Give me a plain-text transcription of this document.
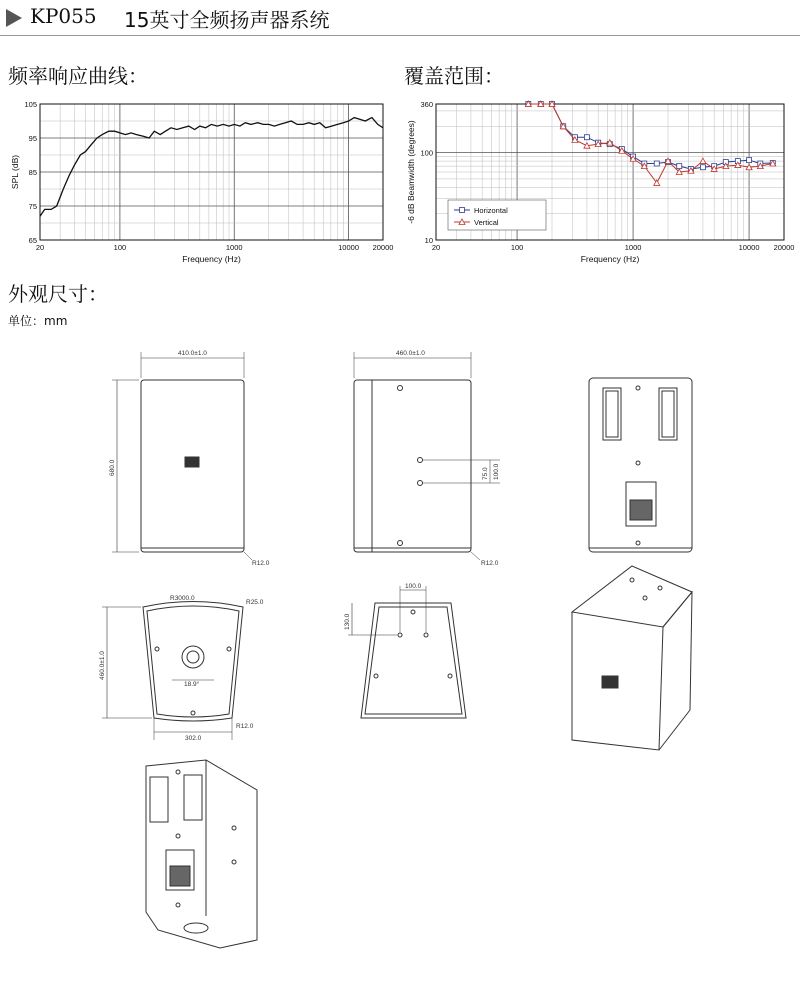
KP055 15英寸全频扬声器系统
频率响应曲线：	覆盖范围：
外观尺寸：
单位：mm
20	100	1000	10000 20000
65
75
85
95
105
Frequency (Hz)
SPL (dB)
20	100	1000	10000 20000
10
100
360
Frequency (Hz)
-6 dB Beamwidth (degrees)	Horizontal
Vertical
410.0±1.0
680.0
R12.0
460.0±1.0
75.0 100.0
R12.0
R3000.0
R25.0
460.0±1.0
18.9°
302.0
R12.0
100.0
130.0
